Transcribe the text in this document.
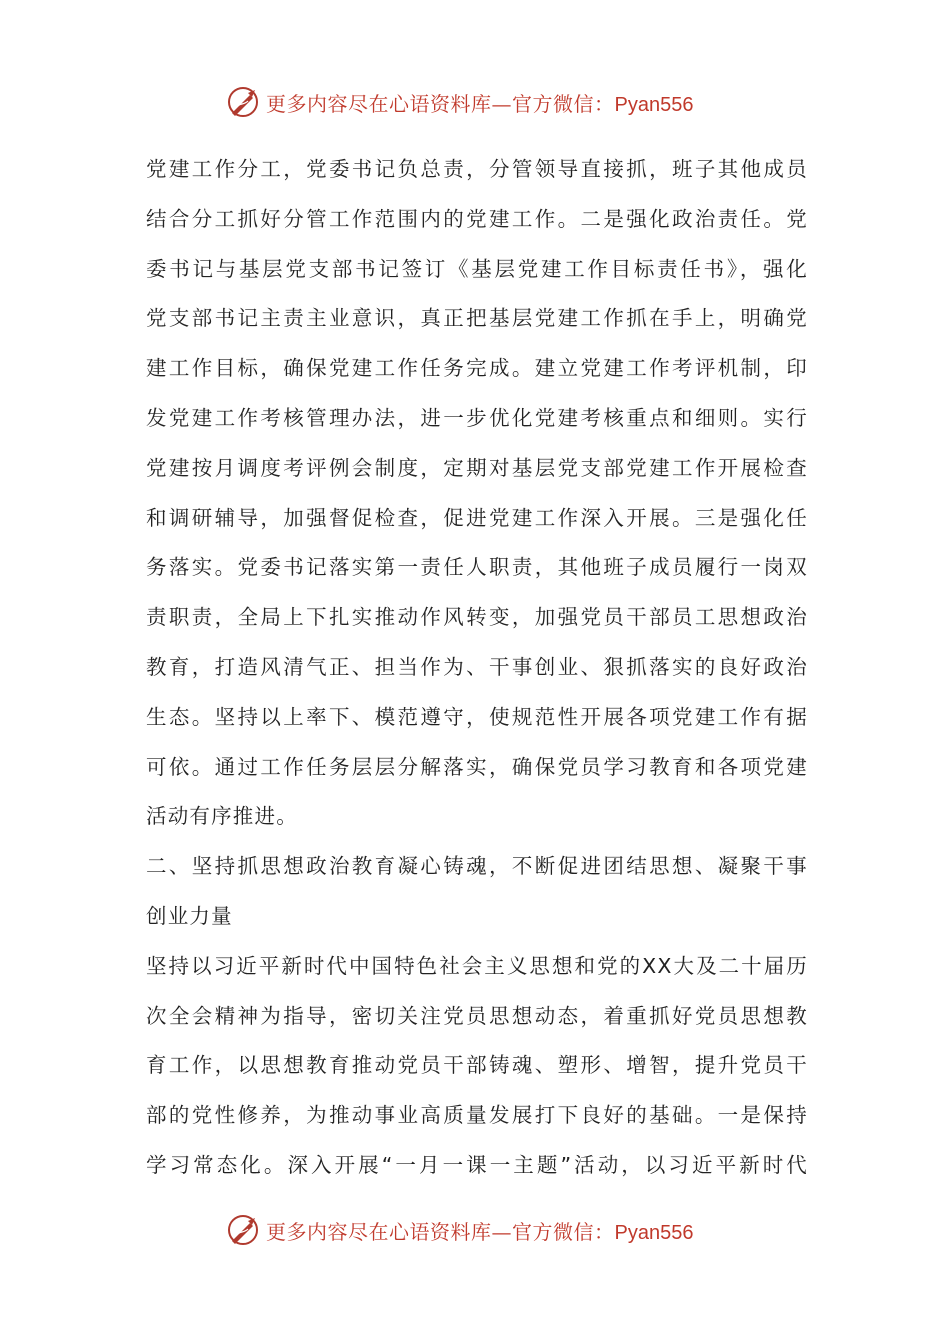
更多内容尽在心语资料库—官方微信：Pyan556
党建工作分工，党委书记负总责，分管领导直接抓，班子其他成员
结合分工抓好分管工作范围内的党建工作。二是强化政治责任。党
委书记与基层党支部书记签订《基层党建工作目标责任书》，强化
党支部书记主责主业意识，真正把基层党建工作抓在手上，明确党
建工作目标，确保党建工作任务完成。建立党建工作考评机制，印
发党建工作考核管理办法，进一步优化党建考核重点和细则。实行
党建按月调度考评例会制度，定期对基层党支部党建工作开展检查
和调研辅导，加强督促检查，促进党建工作深入开展。三是强化任
务落实。党委书记落实第一责任人职责，其他班子成员履行一岗双
责职责，全局上下扎实推动作风转变，加强党员干部员工思想政治
教育，打造风清气正、担当作为、干事创业、狠抓落实的良好政治
生态。坚持以上率下、模范遵守，使规范性开展各项党建工作有据
可依。通过工作任务层层分解落实，确保党员学习教育和各项党建
活动有序推进。
二、坚持抓思想政治教育凝心铸魂，不断促进团结思想、凝聚干事
创业力量
坚持以习近平新时代中国特色社会主义思想和党的XX大及二十届历
次全会精神为指导，密切关注党员思想动态，着重抓好党员思想教
育工作，以思想教育推动党员干部铸魂、塑形、增智，提升党员干
部的党性修养，为推动事业高质量发展打下良好的基础。一是保持
学习常态化。深入开展“一月一课一主题”活动，以习近平新时代
更多内容尽在心语资料库—官方微信：Pyan556
